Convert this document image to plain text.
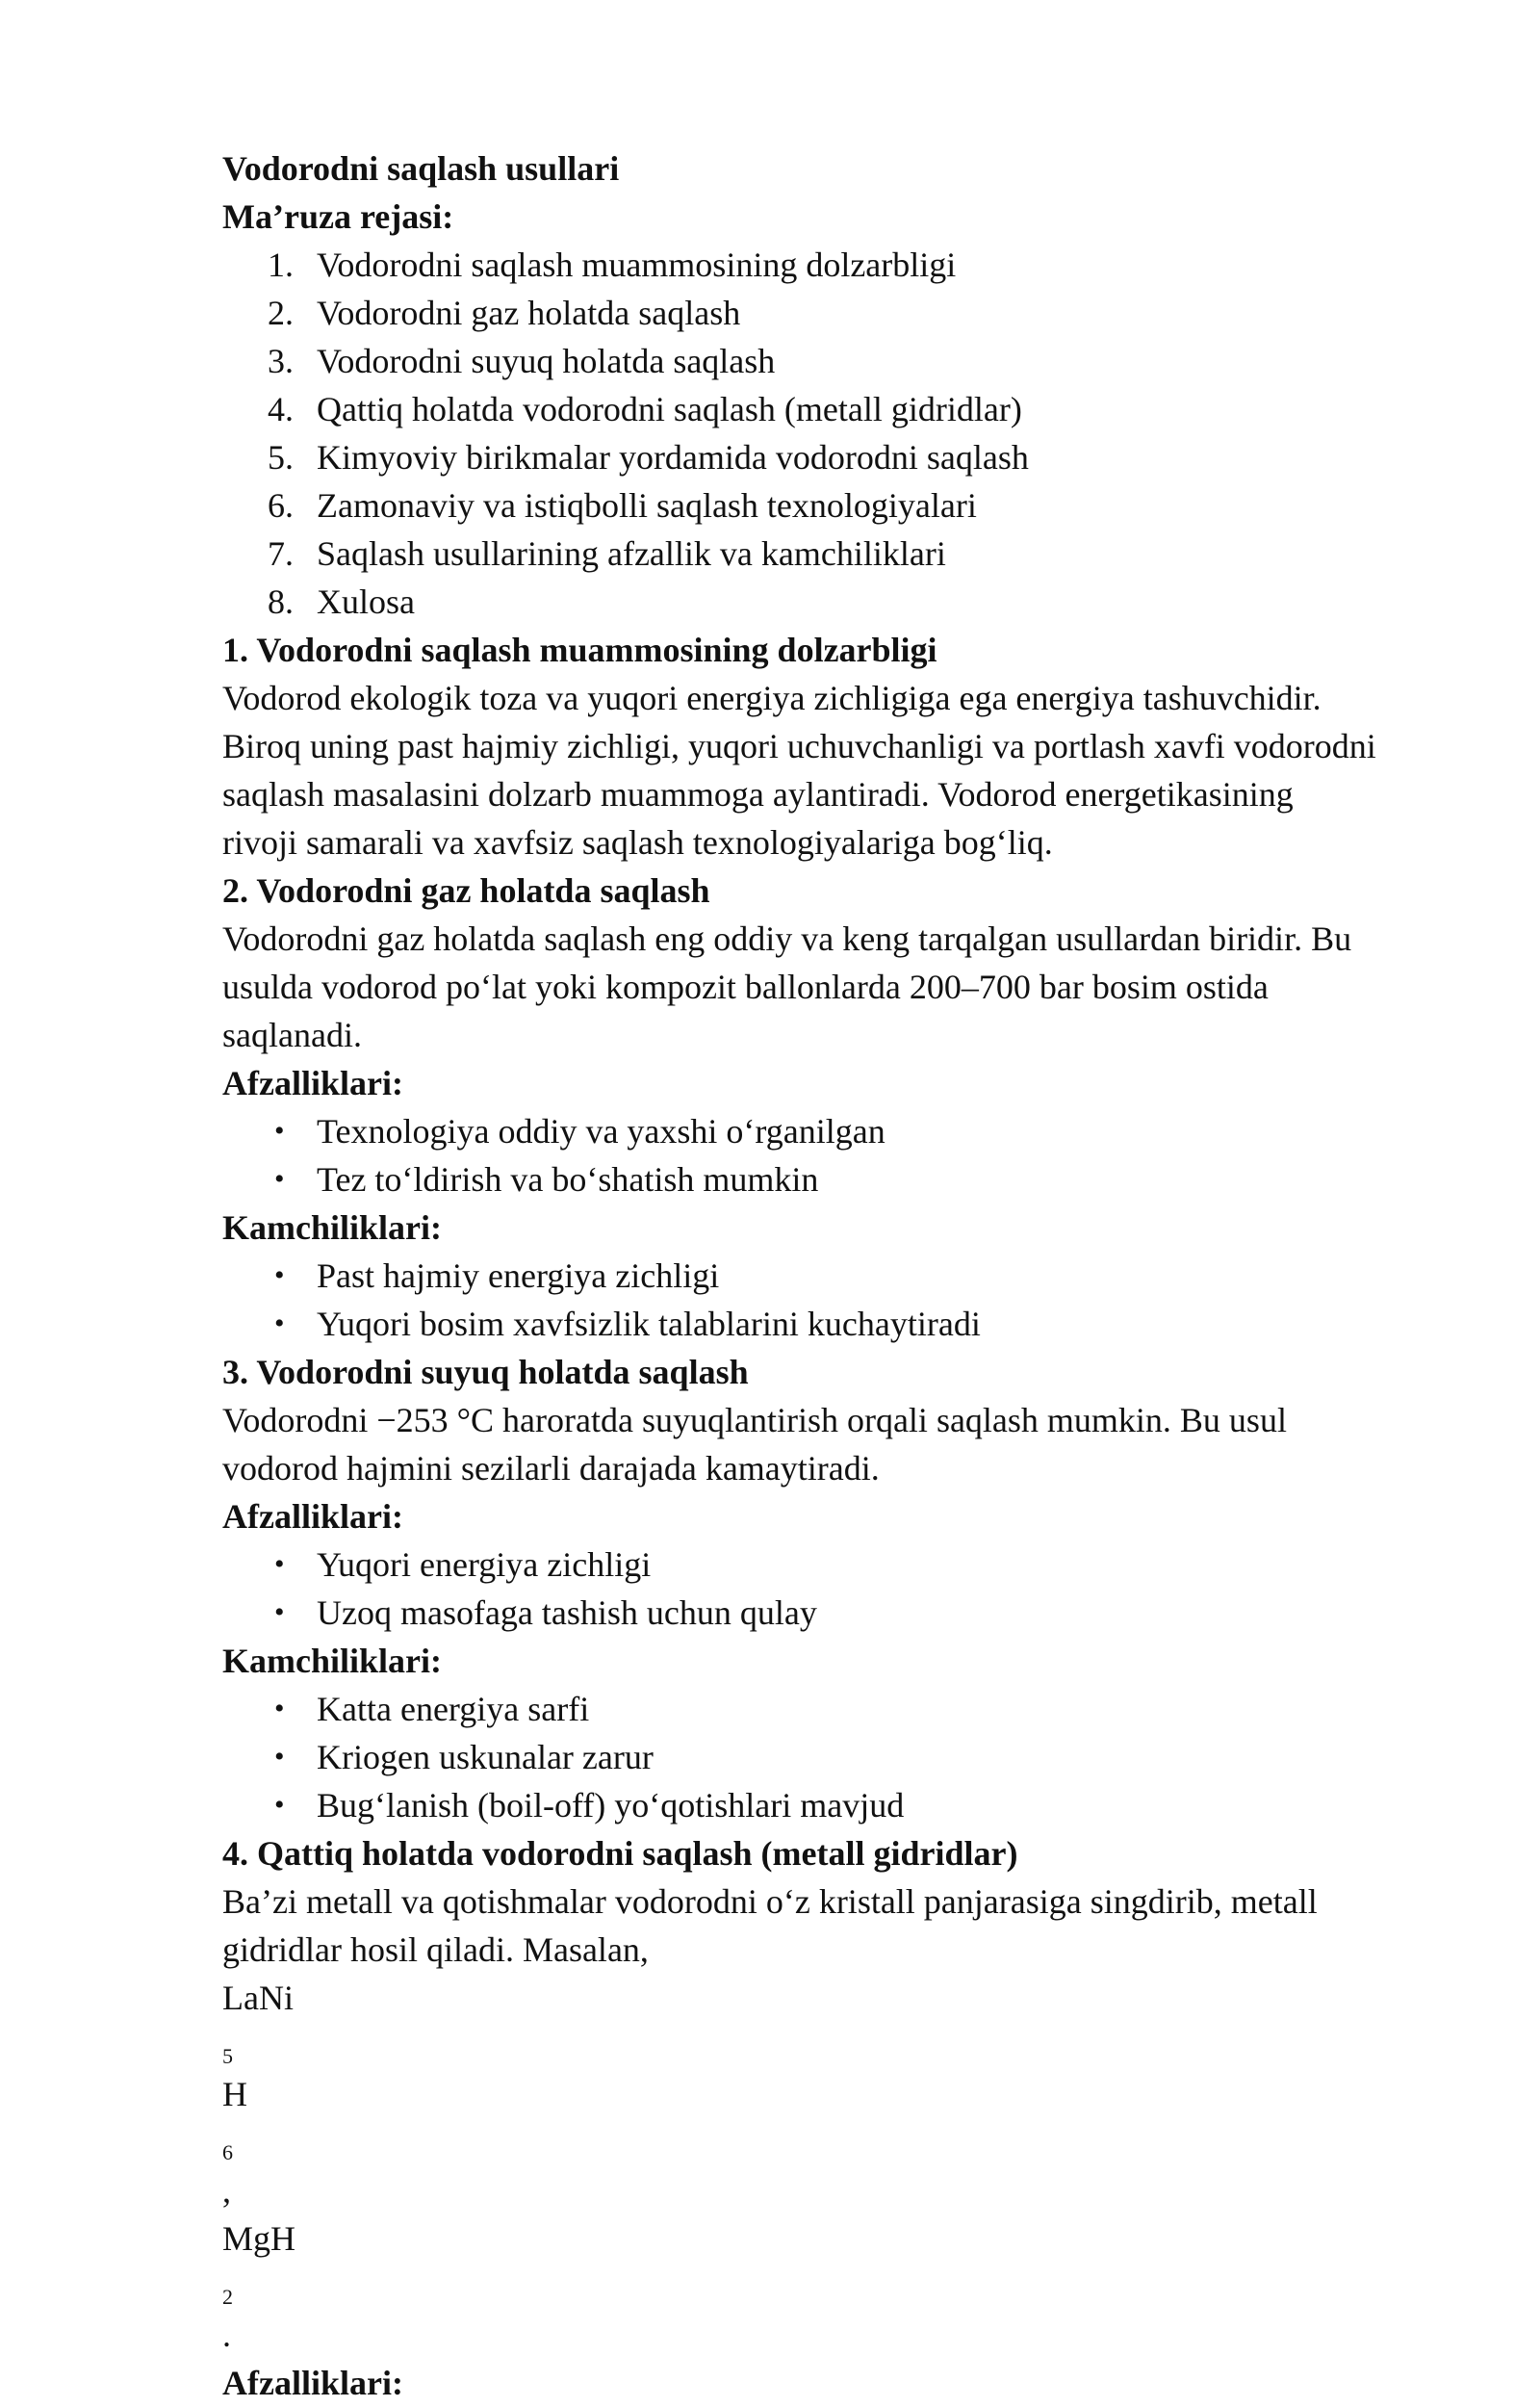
Vodorodni saqlash usullari
Ma’ruza rejasi:
1. Vodorodni saqlash muammosining dolzarbligi
2. Vodorodni gaz holatda saqlash
3. Vodorodni suyuq holatda saqlash
4. Qattiq holatda vodorodni saqlash (metall gidridlar)
5. Kimyoviy birikmalar yordamida vodorodni saqlash
6. Zamonaviy va istiqbolli saqlash texnologiyalari
7. Saqlash usullarining afzallik va kamchiliklari
8. Xulosa
1. Vodorodni saqlash muammosining dolzarbligi
Vodorod ekologik toza va yuqori energiya zichligiga ega energiya tashuvchidir.
Biroq uning past hajmiy zichligi, yuqori uchuvchanligi va portlash xavfi vodorodni
saqlash masalasini dolzarb muammoga aylantiradi. Vodorod energetikasining
rivoji samarali va xavfsiz saqlash texnologiyalariga bog‘liq.
2. Vodorodni gaz holatda saqlash
Vodorodni gaz holatda saqlash eng oddiy va keng tarqalgan usullardan biridir. Bu
usulda vodorod po‘lat yoki kompozit ballonlarda 200–700 bar bosim ostida
saqlanadi.
Afzalliklari:
• Texnologiya oddiy va yaxshi o‘rganilgan
• Tez to‘ldirish va bo‘shatish mumkin
Kamchiliklari:
• Past hajmiy energiya zichligi
• Yuqori bosim xavfsizlik talablarini kuchaytiradi
3. Vodorodni suyuq holatda saqlash
Vodorodni −253 °C haroratda suyuqlantirish orqali saqlash mumkin. Bu usul
vodorod hajmini sezilarli darajada kamaytiradi.
Afzalliklari:
• Yuqori energiya zichligi
• Uzoq masofaga tashish uchun qulay
Kamchiliklari:
• Katta energiya sarfi
• Kriogen uskunalar zarur
• Bug‘lanish (boil-off) yo‘qotishlari mavjud
4. Qattiq holatda vodorodni saqlash (metall gidridlar)
Ba’zi metall va qotishmalar vodorodni o‘z kristall panjarasiga singdirib, metall
gidridlar hosil qiladi. Masalan,
LaNi
$_5$
H
$_6$
,
MgH
$_2$
.
Afzalliklari:
